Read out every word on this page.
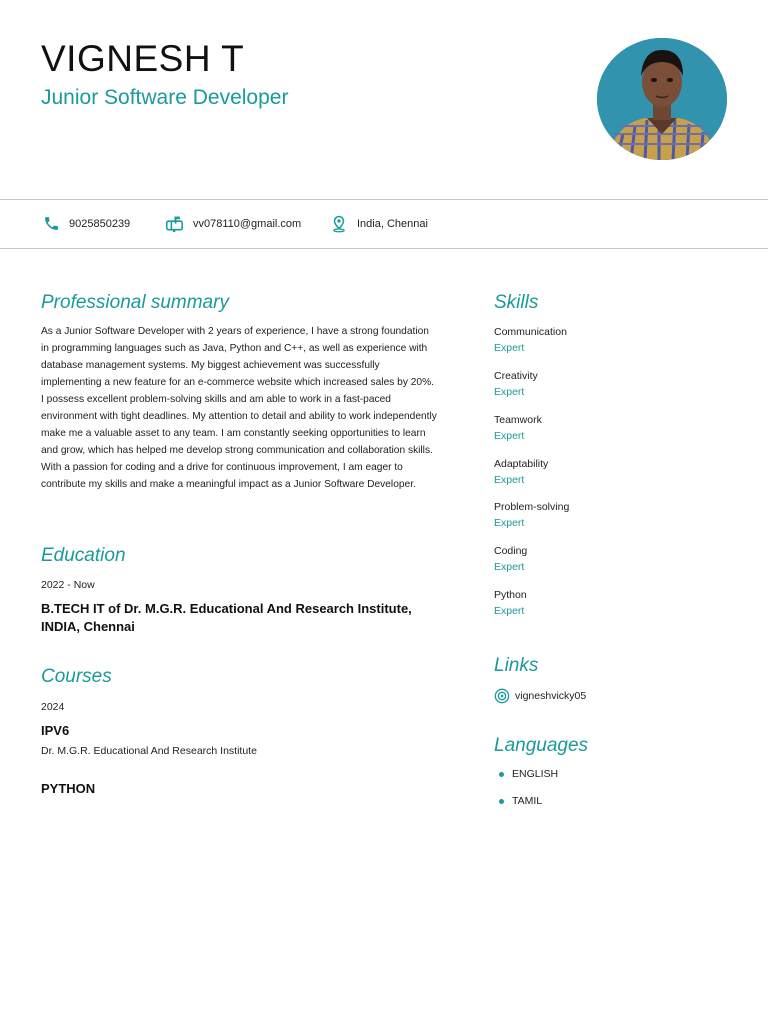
VIGNESH T
Junior Software Developer
9025850239	vv078110@gmail.com	India, Chennai
Professional summary

As a Junior Software Developer with 2 years of experience, I have a strong foundation in programming languages such as Java, Python and C++, as well as experience with database management systems. My biggest achievement was successfully implementing a new feature for an e-commerce website which increased sales by 20%. I possess excellent problem-solving skills and am able to work in a fast-paced environment with tight deadlines. My attention to detail and ability to work independently make me a valuable asset to any team. I am constantly seeking opportunities to learn and grow, which has helped me develop strong communication and collaboration skills. With a passion for coding and a drive for continuous improvement, I am eager to contribute my skills and make a meaningful impact as a Junior Software Developer.

Education
2022 - Now
B.TECH IT of Dr. M.G.R. Educational And Research Institute, INDIA, Chennai
Courses
2024
IPV6
Dr. M.G.R. Educational And Research Institute
PYTHON
Skills
Communication
Expert
Creativity
Expert
Teamwork
Expert
Adaptability
Expert
Problem-solving
Expert
Coding
Expert
Python
Expert
Links
vigneshvicky05
Languages
ENGLISH
TAMIL
